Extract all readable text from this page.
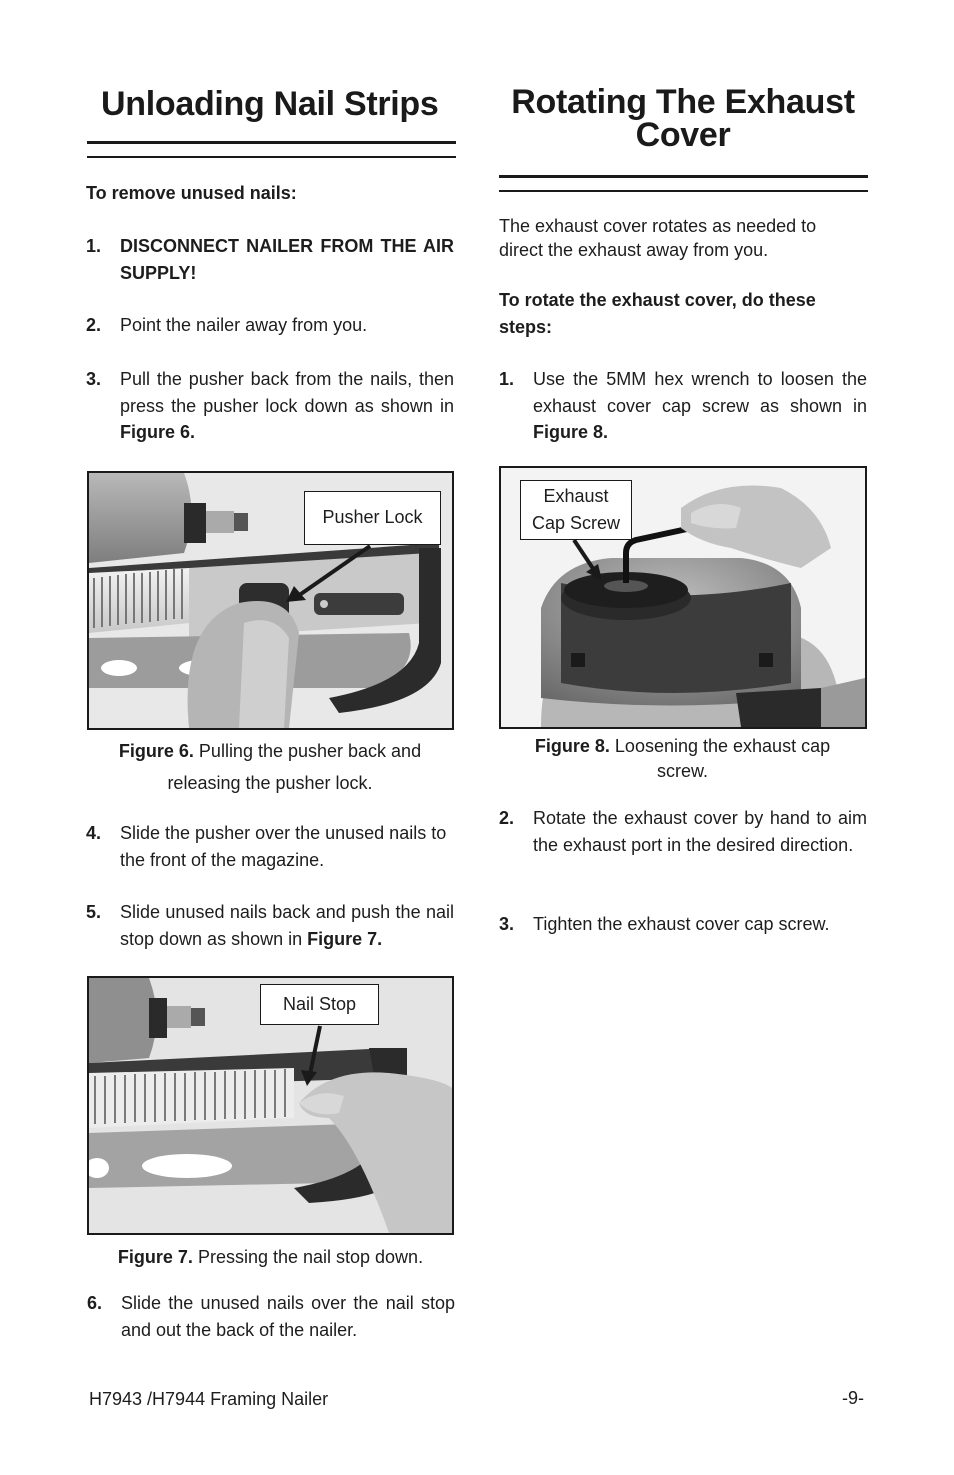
Unloading Nail Strips
To remove unused nails:
1. DISCONNECT NAILER FROM THE AIR SUPPLY!
2. Point the nailer away from you.
3. Pull the pusher back from the nails, then press the pusher lock down as shown in Figure 6.
Pusher Lock
Figure 6. Pulling the pusher back and releasing the pusher lock.
4. Slide the pusher over the unused nails to the front of the magazine.
5. Slide unused nails back and push the nail stop down as shown in Figure 7.
Nail Stop
Figure 7. Pressing the nail stop down.
6. Slide the unused nails over the nail stop and out the back of the nailer.
Rotating The Exhaust Cover
The exhaust cover rotates as needed to direct the exhaust away from you.
To rotate the exhaust cover, do these steps:
1. Use the 5MM hex wrench to loosen the exhaust cover cap screw as shown in Figure 8.
Exhaust
Cap Screw
Figure 8. Loosening the exhaust cap screw.
2. Rotate the exhaust cover by hand to aim the exhaust port in the desired direction.
3. Tighten the exhaust cover cap screw.
H7943 /H7944 Framing Nailer	-9-
